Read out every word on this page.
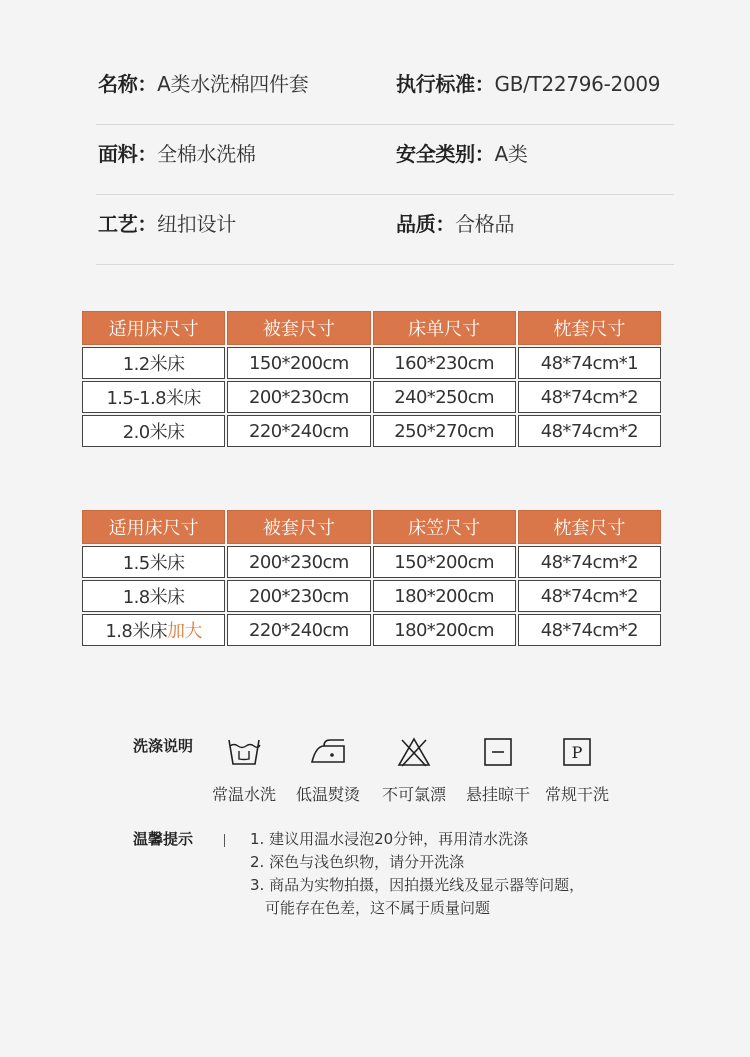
名称：A类水洗棉四件套	执行标准：GB/T22796-2009
面料：全棉水洗棉	安全类别：A类
工艺：纽扣设计	品质：合格品
适用床尺寸	被套尺寸	床单尺寸	枕套尺寸
1.2米床	150*200cm	160*230cm	48*74cm*1
1.5-1.8米床	200*230cm	240*250cm	48*74cm*2
2.0米床	220*240cm	250*270cm	48*74cm*2
适用床尺寸	被套尺寸	床笠尺寸	枕套尺寸
1.5米床	200*230cm	150*200cm	48*74cm*2
1.8米床	200*230cm	180*200cm	48*74cm*2
1.8米床加大	220*240cm	180*200cm	48*74cm*2
洗涤说明
常温水洗	低温熨烫	不可氯漂	悬挂晾干
P
常规干洗
温馨提示	1. 建议用温水浸泡20分钟，再用清水洗涤
2. 深色与浅色织物，请分开洗涤
3. 商品为实物拍摄，因拍摄光线及显示器等问题，
可能存在色差，这不属于质量问题
